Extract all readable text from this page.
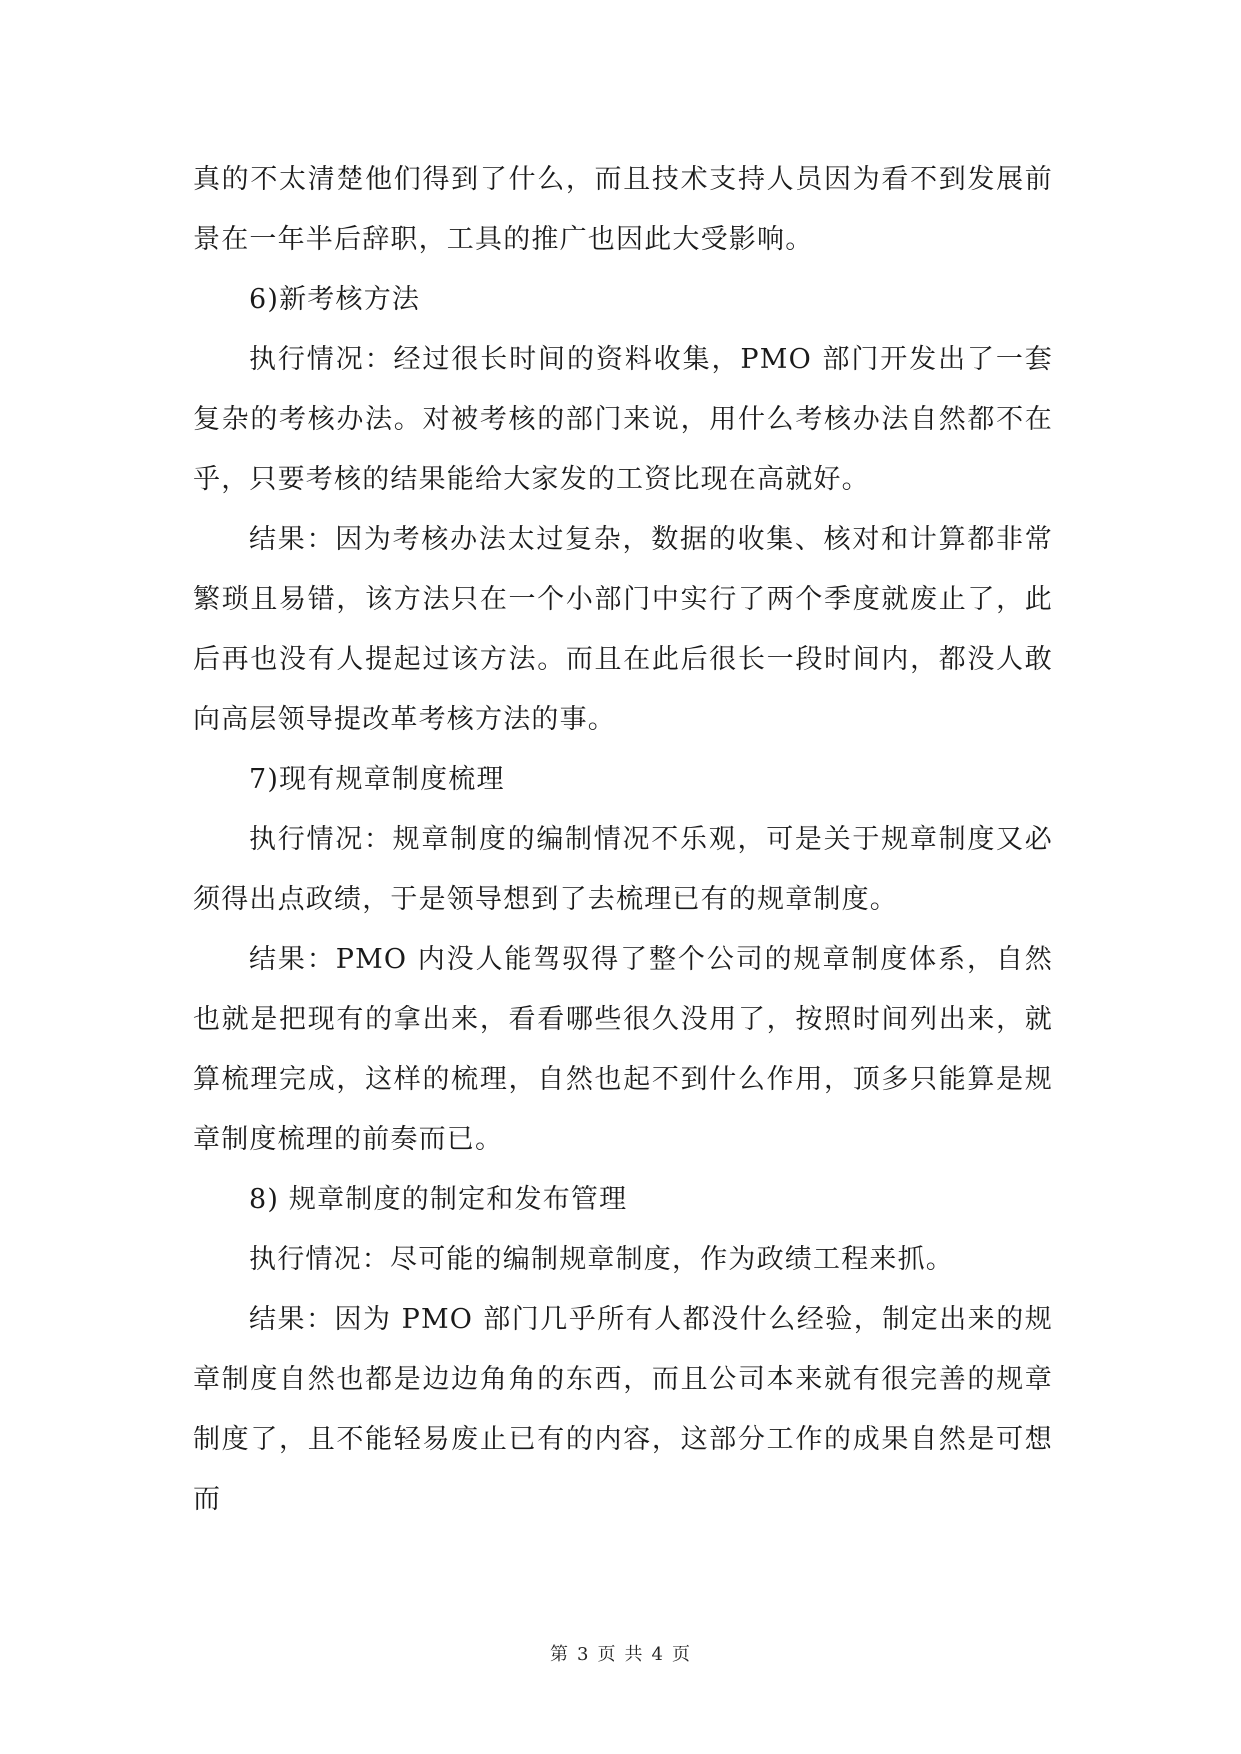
真的不太清楚他们得到了什么，而且技术支持人员因为看不到发展前景在一年半后辞职，工具的推广也因此大受影响。

6)新考核方法

执行情况：经过很长时间的资料收集，PMO 部门开发出了一套复杂的考核办法。对被考核的部门来说，用什么考核办法自然都不在乎，只要考核的结果能给大家发的工资比现在高就好。

结果：因为考核办法太过复杂，数据的收集、核对和计算都非常繁琐且易错，该方法只在一个小部门中实行了两个季度就废止了，此后再也没有人提起过该方法。而且在此后很长一段时间内，都没人敢向高层领导提改革考核方法的事。

7)现有规章制度梳理

执行情况：规章制度的编制情况不乐观，可是关于规章制度又必须得出点政绩，于是领导想到了去梳理已有的规章制度。

结果：PMO 内没人能驾驭得了整个公司的规章制度体系，自然也就是把现有的拿出来，看看哪些很久没用了，按照时间列出来，就算梳理完成，这样的梳理，自然也起不到什么作用，顶多只能算是规章制度梳理的前奏而已。

8) 规章制度的制定和发布管理

执行情况：尽可能的编制规章制度，作为政绩工程来抓。

结果：因为 PMO 部门几乎所有人都没什么经验，制定出来的规章制度自然也都是边边角角的东西，而且公司本来就有很完善的规章制度了，且不能轻易废止已有的内容，这部分工作的成果自然是可想而

第 3 页 共 4 页
